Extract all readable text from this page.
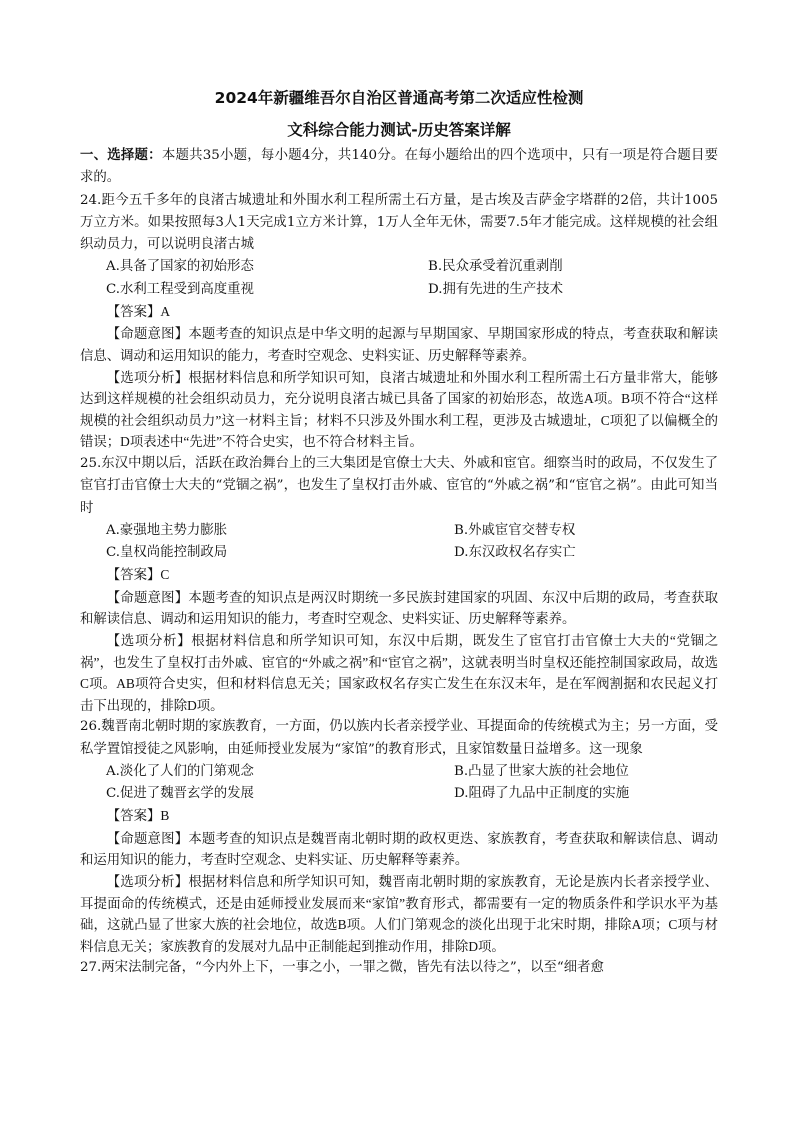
2024年新疆维吾尔自治区普通高考第二次适应性检测
文科综合能力测试-历史答案详解

一、选择题：本题共35小题，每小题4分，共140分。在每小题给出的四个选项中，只有一项是符合题目要求的。

24.距今五千多年的良渚古城遗址和外围水利工程所需土石方量，是古埃及吉萨金字塔群的2倍，共计1005万立方米。如果按照每3人1天完成1立方米计算，1万人全年无休，需要7.5年才能完成。这样规模的社会组织动员力，可以说明良渚古城

A.具备了国家的初始形态	B.民众承受着沉重剥削
C.水利工程受到高度重视	D.拥有先进的生产技术

【答案】A

【命题意图】本题考查的知识点是中华文明的起源与早期国家、早期国家形成的特点，考查获取和解读信息、调动和运用知识的能力，考查时空观念、史料实证、历史解释等素养。

【选项分析】根据材料信息和所学知识可知，良渚古城遗址和外围水利工程所需土石方量非常大，能够达到这样规模的社会组织动员力，充分说明良渚古城已具备了国家的初始形态，故选A项。B项不符合“这样规模的社会组织动员力”这一材料主旨；材料不只涉及外围水利工程，更涉及古城遗址，C项犯了以偏概全的错误；D项表述中“先进”不符合史实，也不符合材料主旨。

25.东汉中期以后，活跃在政治舞台上的三大集团是官僚士大夫、外戚和宦官。细察当时的政局，不仅发生了宦官打击官僚士大夫的“党锢之祸”，也发生了皇权打击外戚、宦官的“外戚之祸”和“宦官之祸”。由此可知当时

A.豪强地主势力膨胀	B.外戚宦官交替专权
C.皇权尚能控制政局	D.东汉政权名存实亡

【答案】C

【命题意图】本题考查的知识点是两汉时期统一多民族封建国家的巩固、东汉中后期的政局，考查获取和解读信息、调动和运用知识的能力，考查时空观念、史料实证、历史解释等素养。

【选项分析】根据材料信息和所学知识可知，东汉中后期，既发生了宦官打击官僚士大夫的“党锢之祸”，也发生了皇权打击外戚、宦官的“外戚之祸”和“宦官之祸”，这就表明当时皇权还能控制国家政局，故选C项。AB项符合史实，但和材料信息无关；国家政权名存实亡发生在东汉末年，是在军阀割据和农民起义打击下出现的，排除D项。

26.魏晋南北朝时期的家族教育，一方面，仍以族内长者亲授学业、耳提面命的传统模式为主；另一方面，受私学置馆授徒之风影响，由延师授业发展为“家馆”的教育形式，且家馆数量日益增多。这一现象

A.淡化了人们的门第观念	B.凸显了世家大族的社会地位
C.促进了魏晋玄学的发展	D.阻碍了九品中正制度的实施

【答案】B

【命题意图】本题考查的知识点是魏晋南北朝时期的政权更迭、家族教育，考查获取和解读信息、调动和运用知识的能力，考查时空观念、史料实证、历史解释等素养。

【选项分析】根据材料信息和所学知识可知，魏晋南北朝时期的家族教育，无论是族内长者亲授学业、耳提面命的传统模式，还是由延师授业发展而来“家馆”教育形式，都需要有一定的物质条件和学识水平为基础，这就凸显了世家大族的社会地位，故选B项。人们门第观念的淡化出现于北宋时期，排除A项；C项与材料信息无关；家族教育的发展对九品中正制能起到推动作用，排除D项。

27.两宋法制完备，“今内外上下，一事之小，一罪之微，皆先有法以待之”，以至“细者愈
